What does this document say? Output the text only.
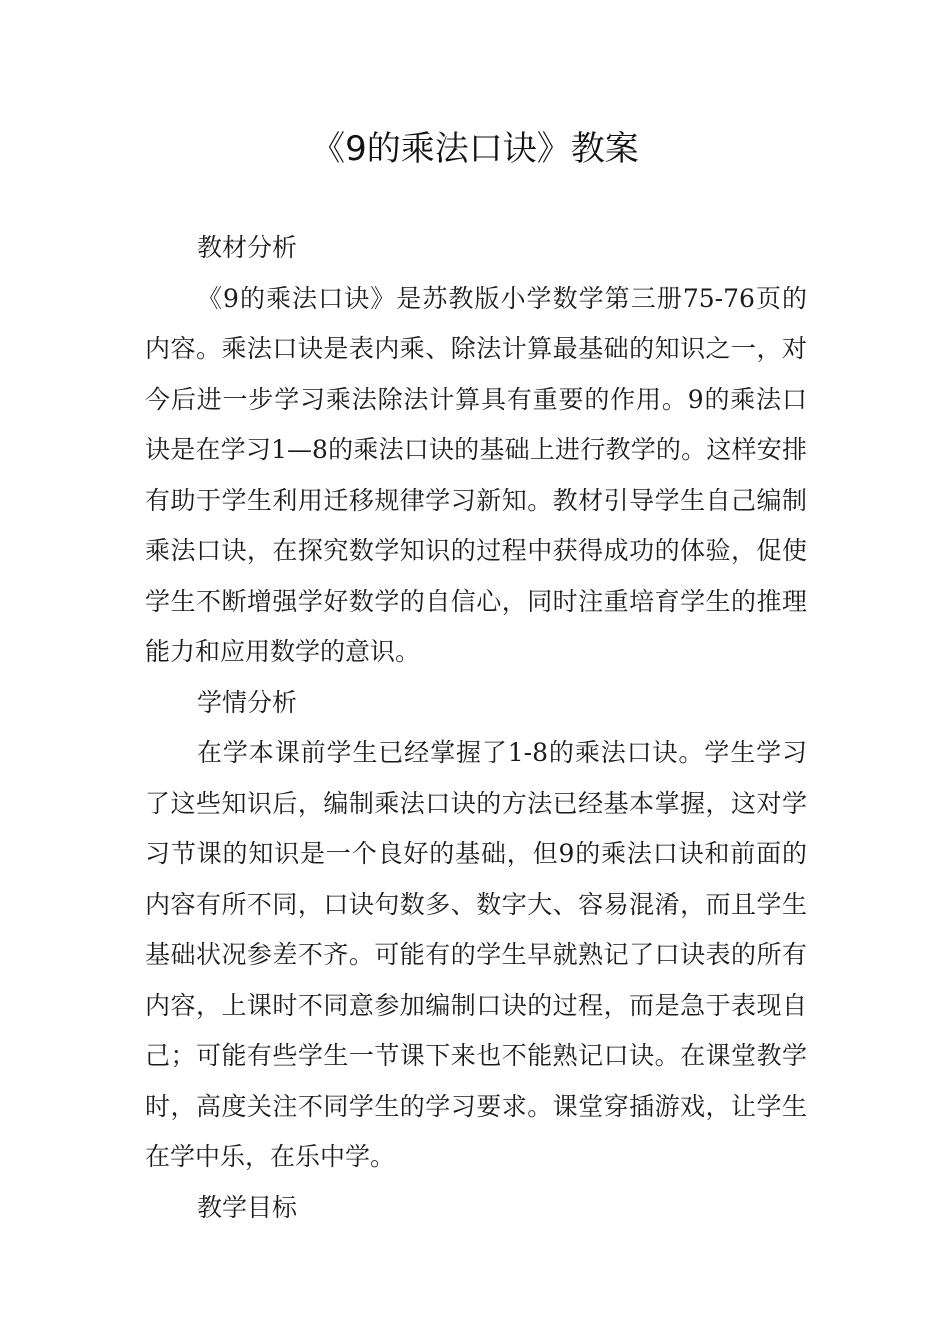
《9的乘法口诀》教案
教材分析

《9的乘法口诀》是苏教版小学数学第三册75-76页的内容。乘法口诀是表内乘、除法计算最基础的知识之一，对今后进一步学习乘法除法计算具有重要的作用。9的乘法口诀是在学习1—8的乘法口诀的基础上进行教学的。这样安排有助于学生利用迁移规律学习新知。教材引导学生自己编制乘法口诀，在探究数学知识的过程中获得成功的体验，促使学生不断增强学好数学的自信心，同时注重培育学生的推理能力和应用数学的意识。

学情分析

在学本课前学生已经掌握了1-8的乘法口诀。学生学习了这些知识后，编制乘法口诀的方法已经基本掌握，这对学习节课的知识是一个良好的基础，但9的乘法口诀和前面的内容有所不同，口诀句数多、数字大、容易混淆，而且学生基础状况参差不齐。可能有的学生早就熟记了口诀表的所有内容，上课时不同意参加编制口诀的过程，而是急于表现自己；可能有些学生一节课下来也不能熟记口诀。在课堂教学时，高度关注不同学生的学习要求。课堂穿插游戏，让学生在学中乐，在乐中学。

教学目标
